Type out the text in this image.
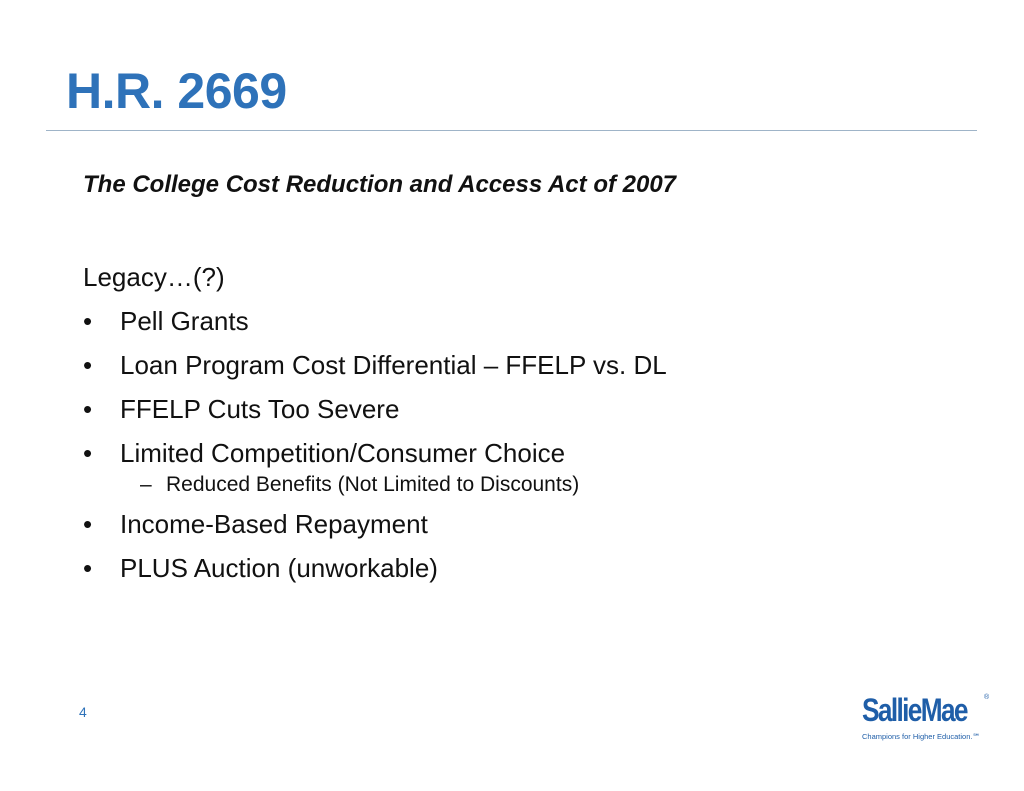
H.R. 2669
The College Cost Reduction and Access Act of 2007
Legacy…(?)
• Pell Grants
• Loan Program Cost Differential – FFELP vs. DL
• FFELP Cuts Too Severe
• Limited Competition/Consumer Choice
– Reduced Benefits (Not Limited to Discounts)
• Income-Based Repayment
• PLUS Auction (unworkable)
4	SallieMae ®
Champions for Higher Education.℠
